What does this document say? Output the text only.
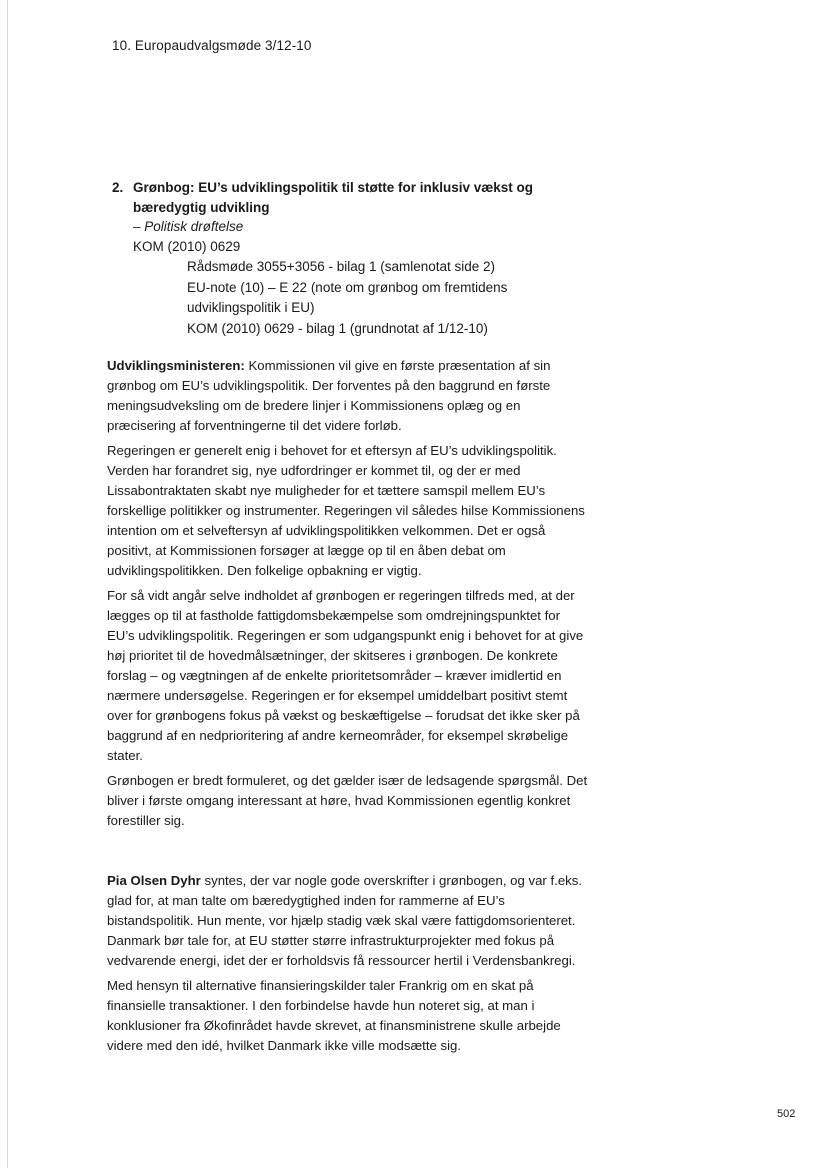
10. Europaudvalgsmøde 3/12-10
2. Grønbog: EU’s udviklingspolitik til støtte for inklusiv vækst og bæredygtig udvikling
– Politisk drøftelse
KOM (2010) 0629
Rådsmøde 3055+3056 - bilag 1 (samlenotat side 2)
EU-note (10) – E 22 (note om grønbog om fremtidens
udviklingspolitik i EU)
KOM (2010) 0629 - bilag 1 (grundnotat af 1/12-10)

Udviklingsministeren: Kommissionen vil give en første præsentation af sin grønbog om EU’s udviklingspolitik. Der forventes på den baggrund en første meningsudveksling om de bredere linjer i Kommissionens oplæg og en præcisering af forventningerne til det videre forløb.

Regeringen er generelt enig i behovet for et eftersyn af EU’s udviklingspolitik. Verden har forandret sig, nye udfordringer er kommet til, og der er med Lissabontraktaten skabt nye muligheder for et tættere samspil mellem EU’s forskellige politikker og instrumenter. Regeringen vil således hilse Kommissionens intention om et selveftersyn af udviklingspolitikken velkommen. Det er også positivt, at Kommissionen forsøger at lægge op til en åben debat om udviklingspolitikken. Den folkelige opbakning er vigtig.

For så vidt angår selve indholdet af grønbogen er regeringen tilfreds med, at der lægges op til at fastholde fattigdomsbekæmpelse som omdrejningspunktet for EU’s udviklingspolitik. Regeringen er som udgangspunkt enig i behovet for at give høj prioritet til de hovedmålsætninger, der skitseres i grønbogen. De konkrete forslag – og vægtningen af de enkelte prioritetsområder – kræver imidlertid en nærmere undersøgelse. Regeringen er for eksempel umiddelbart positivt stemt over for grønbogens fokus på vækst og beskæftigelse – forudsat det ikke sker på baggrund af en nedprioritering af andre kerneområder, for eksempel skrøbelige stater.

Grønbogen er bredt formuleret, og det gælder især de ledsagende spørgsmål. Det bliver i første omgang interessant at høre, hvad Kommissionen egentlig konkret forestiller sig.

Pia Olsen Dyhr syntes, der var nogle gode overskrifter i grønbogen, og var f.eks. glad for, at man talte om bæredygtighed inden for rammerne af EU’s bistandspolitik. Hun mente, vor hjælp stadig væk skal være fattigdomsorienteret. Danmark bør tale for, at EU støtter større infrastrukturprojekter med fokus på vedvarende energi, idet der er forholdsvis få ressourcer hertil i Verdensbankregi.

Med hensyn til alternative finansieringskilder taler Frankrig om en skat på finansielle transaktioner. I den forbindelse havde hun noteret sig, at man i konklusioner fra Økofinrådet havde skrevet, at finansministrene skulle arbejde videre med den idé, hvilket Danmark ikke ville modsætte sig.

502
